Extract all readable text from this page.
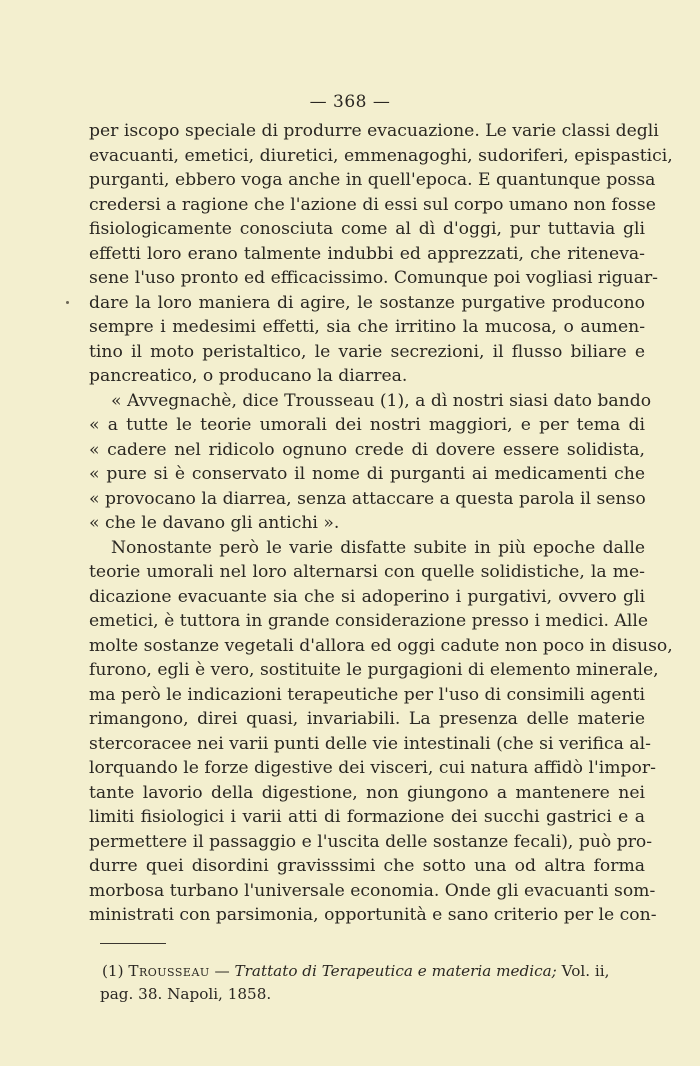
— 368 —
per iscopo speciale di produrre evacuazione. Le varie classi degli
evacuanti, emetici, diuretici, emmenagoghi, sudoriferi, epispastici,
purganti, ebbero voga anche in quell'epoca. E quantunque possa
credersi a ragione che l'azione di essi sul corpo umano non fosse
fisiologicamente conosciuta come al dì d'oggi, pur tuttavia gli
effetti loro erano talmente indubbi ed apprezzati, che riteneva-
sene l'uso pronto ed efficacissimo. Comunque poi vogliasi riguar-
dare la loro maniera di agire, le sostanze purgative producono
sempre i medesimi effetti, sia che irritino la mucosa, o aumen-
tino il moto peristaltico, le varie secrezioni, il flusso biliare e
pancreatico, o producano la diarrea.
« Avvegnachè, dice Trousseau (1), a dì nostri siasi dato bando
« a tutte le teorie umorali dei nostri maggiori, e per tema di
« cadere nel ridicolo ognuno crede di dovere essere solidista,
« pure si è conservato il nome di purganti ai medicamenti che
« provocano la diarrea, senza attaccare a questa parola il senso
« che le davano gli antichi ».
Nonostante però le varie disfatte subite in più epoche dalle
teorie umorali nel loro alternarsi con quelle solidistiche, la me-
dicazione evacuante sia che si adoperino i purgativi, ovvero gli
emetici, è tuttora in grande considerazione presso i medici. Alle
molte sostanze vegetali d'allora ed oggi cadute non poco in disuso,
furono, egli è vero, sostituite le purgagioni di elemento minerale,
ma però le indicazioni terapeutiche per l'uso di consimili agenti
rimangono, direi quasi, invariabili. La presenza delle materie
stercoracee nei varii punti delle vie intestinali (che si verifica al-
lorquando le forze digestive dei visceri, cui natura affidò l'impor-
tante lavorio della digestione, non giungono a mantenere nei
limiti fisiologici i varii atti di formazione dei succhi gastrici e a
permettere il passaggio e l'uscita delle sostanze fecali), può pro-
durre quei disordini gravisssimi che sotto una od altra forma
morbosa turbano l'universale economia. Onde gli evacuanti som-
ministrati con parsimonia, opportunità e sano criterio per le con-
(1) Trousseau — Trattato di Terapeutica e materia medica; Vol. ii,
pag. 38. Napoli, 1858.
